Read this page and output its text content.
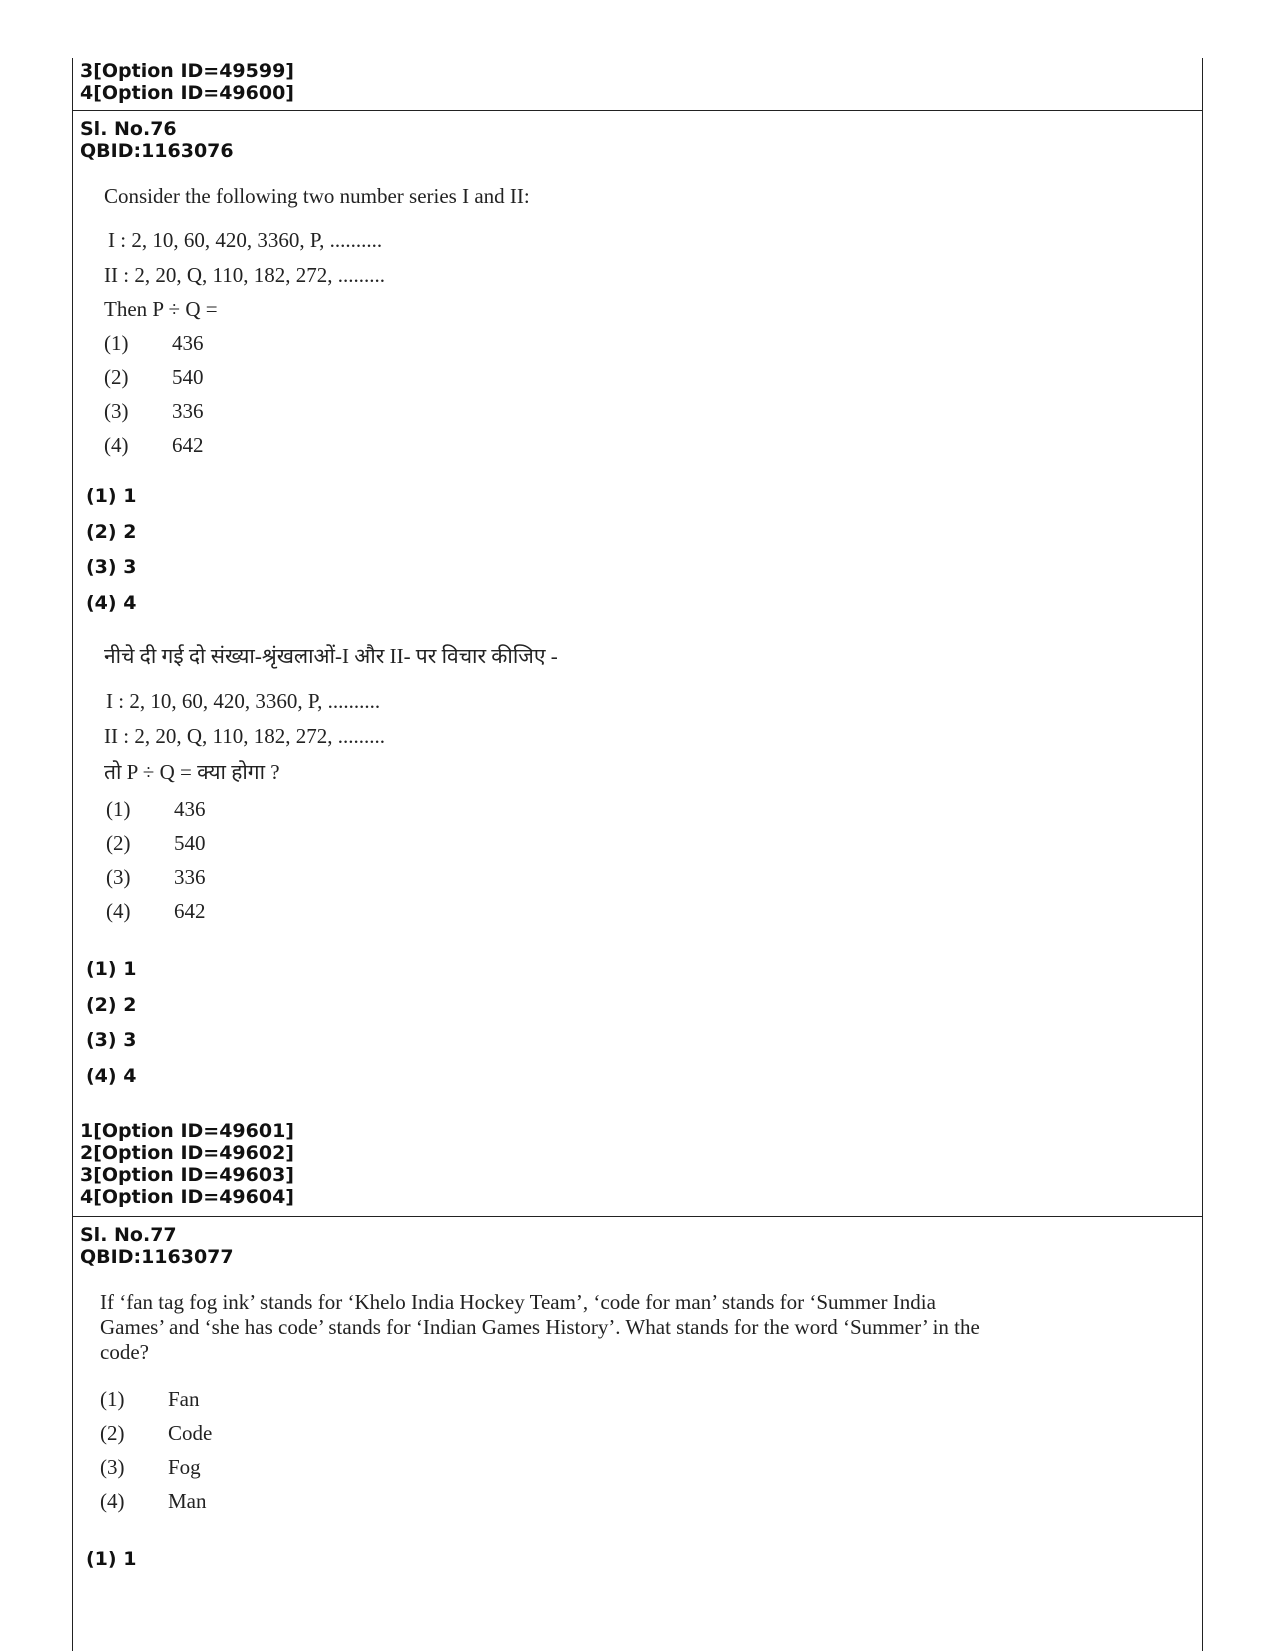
3[Option ID=49599]
4[Option ID=49600]
Sl. No.76
QBID:1163076
Consider the following two number series I and II:
I : 2, 10, 60, 420, 3360, P, ..........
II : 2, 20, Q, 110, 182, 272, .........
Then P ÷ Q =
(1) 436
(2) 540
(3) 336
(4) 642
(1) 1
(2) 2
(3) 3
(4) 4
नीचे दी गई दो संख्या-श्रृंखलाओं-I और II- पर विचार कीजिए -
I : 2, 10, 60, 420, 3360, P, ..........
II : 2, 20, Q, 110, 182, 272, .........
तो P ÷ Q = क्या होगा ?
(1) 436
(2) 540
(3) 336
(4) 642
(1) 1
(2) 2
(3) 3
(4) 4
1[Option ID=49601]
2[Option ID=49602]
3[Option ID=49603]
4[Option ID=49604]
Sl. No.77
QBID:1163077
If ‘fan tag fog ink’ stands for ‘Khelo India Hockey Team’, ‘code for man’ stands for ‘Summer India Games’ and ‘she has code’ stands for ‘Indian Games History’. What stands for the word ‘Summer’ in the code?
(1) Fan
(2) Code
(3) Fog
(4) Man
(1) 1
